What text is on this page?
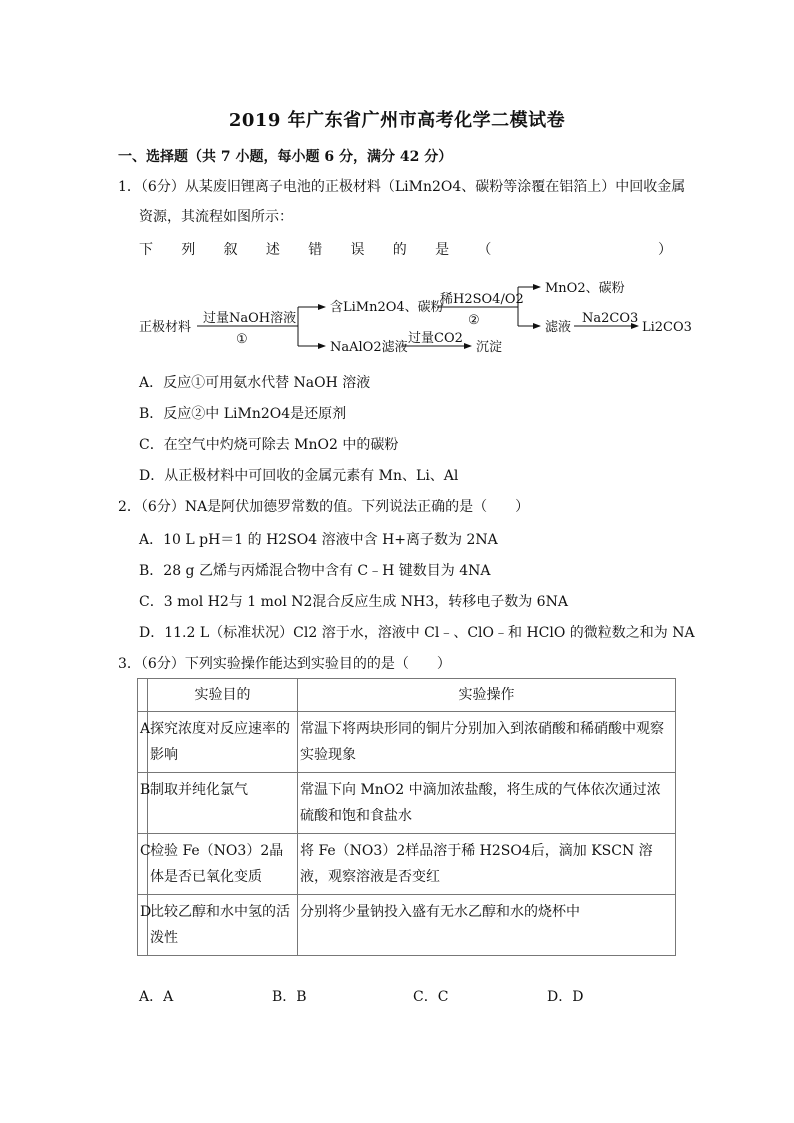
2019 年广东省广州市高考化学二模试卷
一、选择题（共 7 小题，每小题 6 分，满分 42 分）
1．（6分）从某废旧锂离子电池的正极材料（LiMn2O4、碳粉等涂覆在铝箔上）中回收金属
资源，其流程如图所示：
下 列 叙 述 错 误 的 是 （	）
正极材料
过量NaOH溶液
①
含LiMn2O4、碳粉
稀H2SO4/O2
②
MnO2、碳粉
滤液
Na2CO3
Li2CO3
NaAlO2滤液
过量CO2
沉淀
A．反应①可用氨水代替 NaOH 溶液
B．反应②中 LiMn2O4是还原剂
C．在空气中灼烧可除去 MnO2 中的碳粉
D．从正极材料中可回收的金属元素有 Mn、Li、Al
2．（6分）NA是阿伏加德罗常数的值。下列说法正确的是（　　）
A．10 L pH＝1 的 H2SO4 溶液中含 H+离子数为 2NA
B．28 g 乙烯与丙烯混合物中含有 C﹣H 键数目为 4NA
C．3 mol H2与 1 mol N2混合反应生成 NH3，转移电子数为 6NA
D．11.2 L（标准状况）Cl2 溶于水，溶液中 Cl﹣、ClO﹣和 HClO 的微粒数之和为 NA
3．（6分）下列实验操作能达到实验目的的是（　　）
	实验目的	实验操作
A	探究浓度对反应速率的影响	常温下将两块形同的铜片分别加入到浓硝酸和稀硝酸中观察实验现象
B	制取并纯化氯气	常温下向 MnO2 中滴加浓盐酸，将生成的气体依次通过浓硫酸和饱和食盐水
C	检验 Fe（NO3）2晶体是否已氧化变质	将 Fe（NO3）2样品溶于稀 H2SO4后，滴加 KSCN 溶液，观察溶液是否变红
D	比较乙醇和水中氢的活泼性	分别将少量钠投入盛有无水乙醇和水的烧杯中
A．A	B．B	C．C	D．D
